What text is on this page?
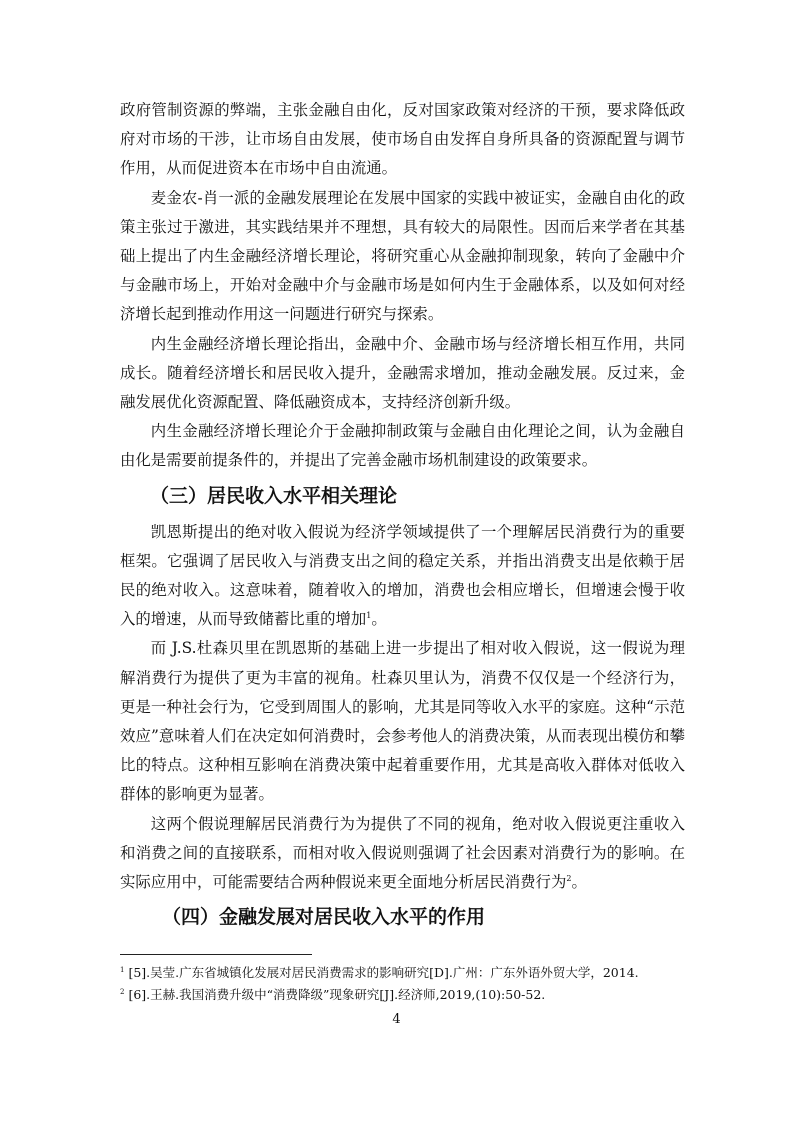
政府管制资源的弊端，主张金融自由化，反对国家政策对经济的干预，要求降低政府对市场的干涉，让市场自由发展，使市场自由发挥自身所具备的资源配置与调节作用，从而促进资本在市场中自由流通。

麦金农-肖一派的金融发展理论在发展中国家的实践中被证实，金融自由化的政策主张过于激进，其实践结果并不理想，具有较大的局限性。因而后来学者在其基础上提出了内生金融经济增长理论，将研究重心从金融抑制现象，转向了金融中介与金融市场上，开始对金融中介与金融市场是如何内生于金融体系，以及如何对经济增长起到推动作用这一问题进行研究与探索。

内生金融经济增长理论指出，金融中介、金融市场与经济增长相互作用，共同成长。随着经济增长和居民收入提升，金融需求增加，推动金融发展。反过来，金融发展优化资源配置、降低融资成本，支持经济创新升级。

内生金融经济增长理论介于金融抑制政策与金融自由化理论之间，认为金融自由化是需要前提条件的，并提出了完善金融市场机制建设的政策要求。

（三）居民收入水平相关理论

凯恩斯提出的绝对收入假说为经济学领域提供了一个理解居民消费行为的重要框架。它强调了居民收入与消费支出之间的稳定关系，并指出消费支出是依赖于居民的绝对收入。这意味着，随着收入的增加，消费也会相应增长，但增速会慢于收入的增速，从而导致储蓄比重的增加$^1$。

而 J.S.杜森贝里在凯恩斯的基础上进一步提出了相对收入假说，这一假说为理解消费行为提供了更为丰富的视角。杜森贝里认为，消费不仅仅是一个经济行为，更是一种社会行为，它受到周围人的影响，尤其是同等收入水平的家庭。这种“示范效应”意味着人们在决定如何消费时，会参考他人的消费决策，从而表现出模仿和攀比的特点。这种相互影响在消费决策中起着重要作用，尤其是高收入群体对低收入群体的影响更为显著。

这两个假说理解居民消费行为为提供了不同的视角，绝对收入假说更注重收入和消费之间的直接联系，而相对收入假说则强调了社会因素对消费行为的影响。在实际应用中，可能需要结合两种假说来更全面地分析居民消费行为$^2$。

（四）金融发展对居民收入水平的作用

$^1$ [5].吴莹.广东省城镇化发展对居民消费需求的影响研究[D].广州：广东外语外贸大学，2014.

$^2$ [6].王赫.我国消费升级中“消费降级”现象研究[J].经济师,2019,(10):50-52.

4
